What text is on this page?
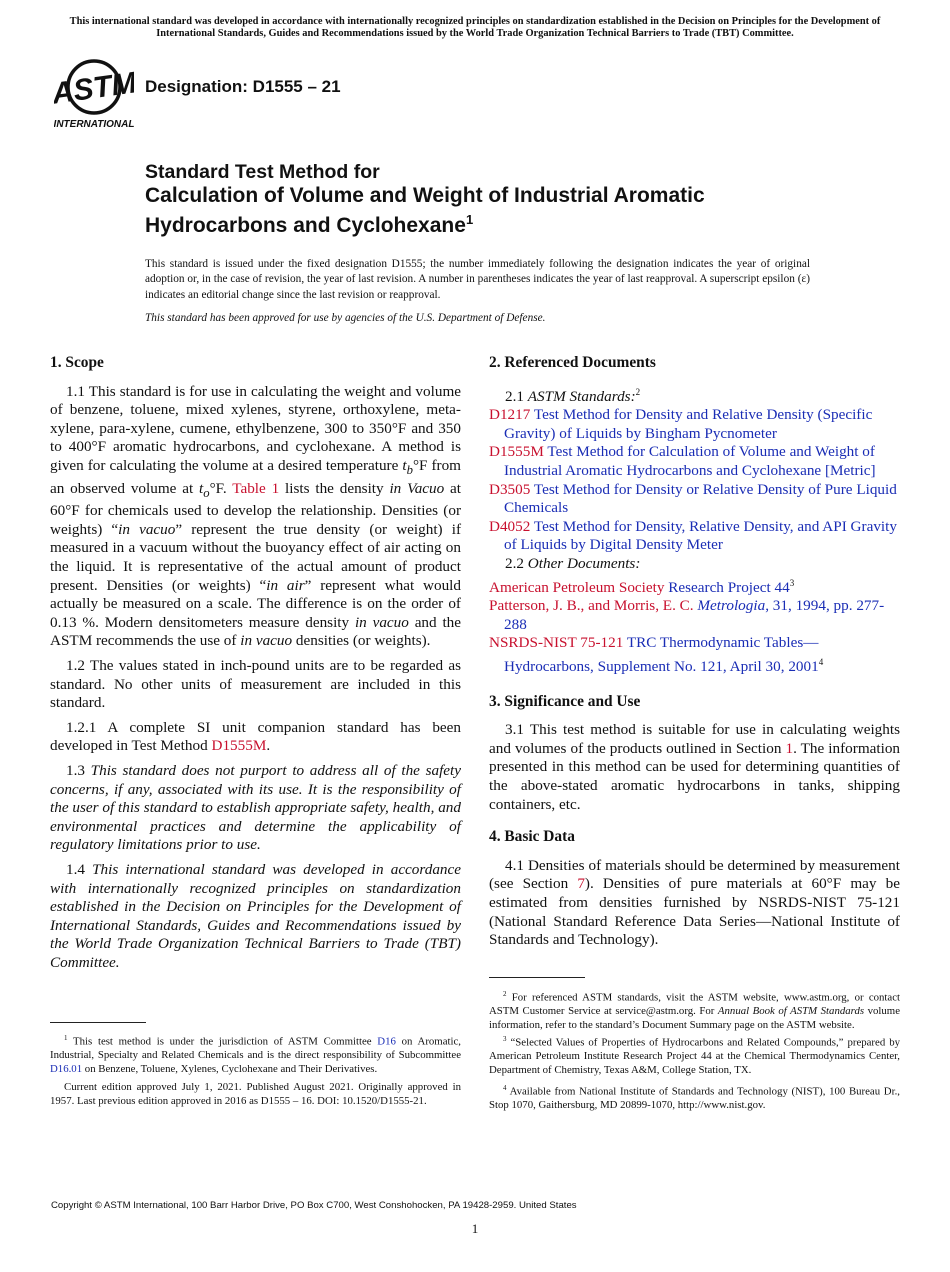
This international standard was developed in accordance with internationally recognized principles on standardization established in the Decision on Principles for the Development of International Standards, Guides and Recommendations issued by the World Trade Organization Technical Barriers to Trade (TBT) Committee.
ASTM
INTERNATIONAL
Designation: D1555 – 21
Standard Test Method for
Calculation of Volume and Weight of Industrial Aromatic Hydrocarbons and Cyclohexane$^1$
This standard is issued under the fixed designation D1555; the number immediately following the designation indicates the year of original adoption or, in the case of revision, the year of last revision. A number in parentheses indicates the year of last reapproval. A superscript epsilon (ε) indicates an editorial change since the last revision or reapproval.
This standard has been approved for use by agencies of the U.S. Department of Defense.
1. Scope

1.1 This standard is for use in calculating the weight and volume of benzene, toluene, mixed xylenes, styrene, orthoxylene, meta-xylene, para-xylene, cumene, ethylbenzene, 300 to 350°F and 350 to 400°F aromatic hydrocarbons, and cyclohexane. A method is given for calculating the volume at a desired temperature $t_b^\circ F$ from an observed volume at $t_o^\circ F$. Table 1 lists the density in Vacuo at 60°F for chemicals used to develop the relationship. Densities (or weights) “in vacuo” represent the true density (or weight) if measured in a vacuum without the buoyancy effect of air acting on the liquid. It is representative of the actual amount of product present. Densities (or weights) “in air” represent what would actually be measured on a scale. The difference is on the order of 0.13 %. Modern densitometers measure density in vacuo and the ASTM recommends the use of in vacuo densities (or weights).

1.2 The values stated in inch-pound units are to be regarded as standard. No other units of measurement are included in this standard.

1.2.1 A complete SI unit companion standard has been developed in Test Method D1555M.

1.3 This standard does not purport to address all of the safety concerns, if any, associated with its use. It is the responsibility of the user of this standard to establish appropriate safety, health, and environmental practices and determine the applicability of regulatory limitations prior to use.

1.4 This international standard was developed in accordance with internationally recognized principles on standardization established in the Decision on Principles for the Development of International Standards, Guides and Recommendations issued by the World Trade Organization Technical Barriers to Trade (TBT) Committee.

$^1$ This test method is under the jurisdiction of ASTM Committee D16 on Aromatic, Industrial, Specialty and Related Chemicals and is the direct responsibility of Subcommittee D16.01 on Benzene, Toluene, Xylenes, Cyclohexane and Their Derivatives.

Current edition approved July 1, 2021. Published August 2021. Originally approved in 1957. Last previous edition approved in 2016 as D1555 – 16. DOI: 10.1520/D1555-21.

2. Referenced Documents

2.1 ASTM Standards:$^2$

D1217 Test Method for Density and Relative Density (Specific Gravity) of Liquids by Bingham Pycnometer

D1555M Test Method for Calculation of Volume and Weight of Industrial Aromatic Hydrocarbons and Cyclohexane [Metric]

D3505 Test Method for Density or Relative Density of Pure Liquid Chemicals

D4052 Test Method for Density, Relative Density, and API Gravity of Liquids by Digital Density Meter

2.2 Other Documents:

American Petroleum Society Research Project $44^3$

Patterson, J. B., and Morris, E. C. Metrologia, 31, 1994, pp. 277-288

NSRDS-NIST 75-121 TRC Thermodynamic Tables—Hydrocarbons, Supplement No. 121, April 30, 2001$^4$

3. Significance and Use

3.1 This test method is suitable for use in calculating weights and volumes of the products outlined in Section 1. The information presented in this method can be used for determining quantities of the above-stated aromatic hydrocarbons in tanks, shipping containers, etc.

4. Basic Data

4.1 Densities of materials should be determined by measurement (see Section 7). Densities of pure materials at 60°F may be estimated from densities furnished by NSRDS-NIST 75-121 (National Standard Reference Data Series—National Institute of Standards and Technology).

$^2$ For referenced ASTM standards, visit the ASTM website, www.astm.org, or contact ASTM Customer Service at service@astm.org. For Annual Book of ASTM Standards volume information, refer to the standard’s Document Summary page on the ASTM website.

$^3$ “Selected Values of Properties of Hydrocarbons and Related Compounds,” prepared by American Petroleum Institute Research Project 44 at the Chemical Thermodynamics Center, Department of Chemistry, Texas A&M, College Station, TX.

$^4$ Available from National Institute of Standards and Technology (NIST), 100 Bureau Dr., Stop 1070, Gaithersburg, MD 20899-1070, http://www.nist.gov.

Copyright © ASTM International, 100 Barr Harbor Drive, PO Box C700, West Conshohocken, PA 19428-2959. United States
1
